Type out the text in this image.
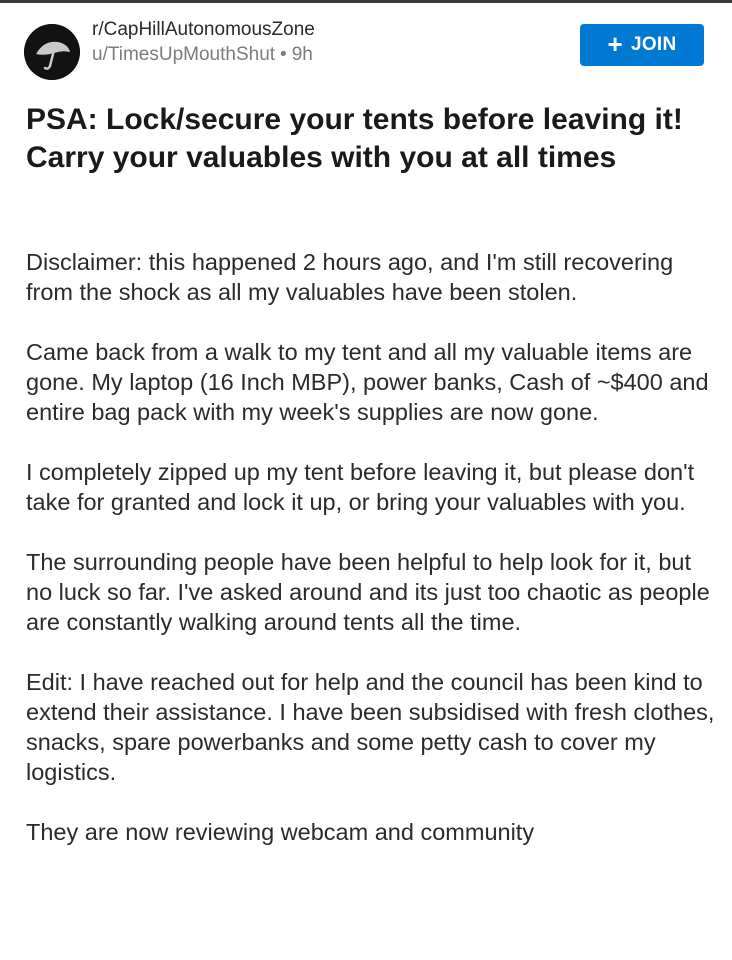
r/CapHillAutonomousZone
u/TimesUpMouthShut • 9h	+ JOIN
PSA: Lock/secure your tents before leaving it! Carry your valuables with you at all times

Disclaimer: this happened 2 hours ago, and I'm still recovering from the shock as all my valuables have been stolen.

Came back from a walk to my tent and all my valuable items are gone. My laptop (16 Inch MBP), power banks, Cash of ~$400 and entire bag pack with my week's supplies are now gone.

I completely zipped up my tent before leaving it, but please don't take for granted and lock it up, or bring your valuables with you.

The surrounding people have been helpful to help look for it, but no luck so far. I've asked around and its just too chaotic as people are constantly walking around tents all the time.

Edit: I have reached out for help and the council has been kind to extend their assistance. I have been subsidised with fresh clothes, snacks, spare powerbanks and some petty cash to cover my logistics.

They are now reviewing webcam and community
